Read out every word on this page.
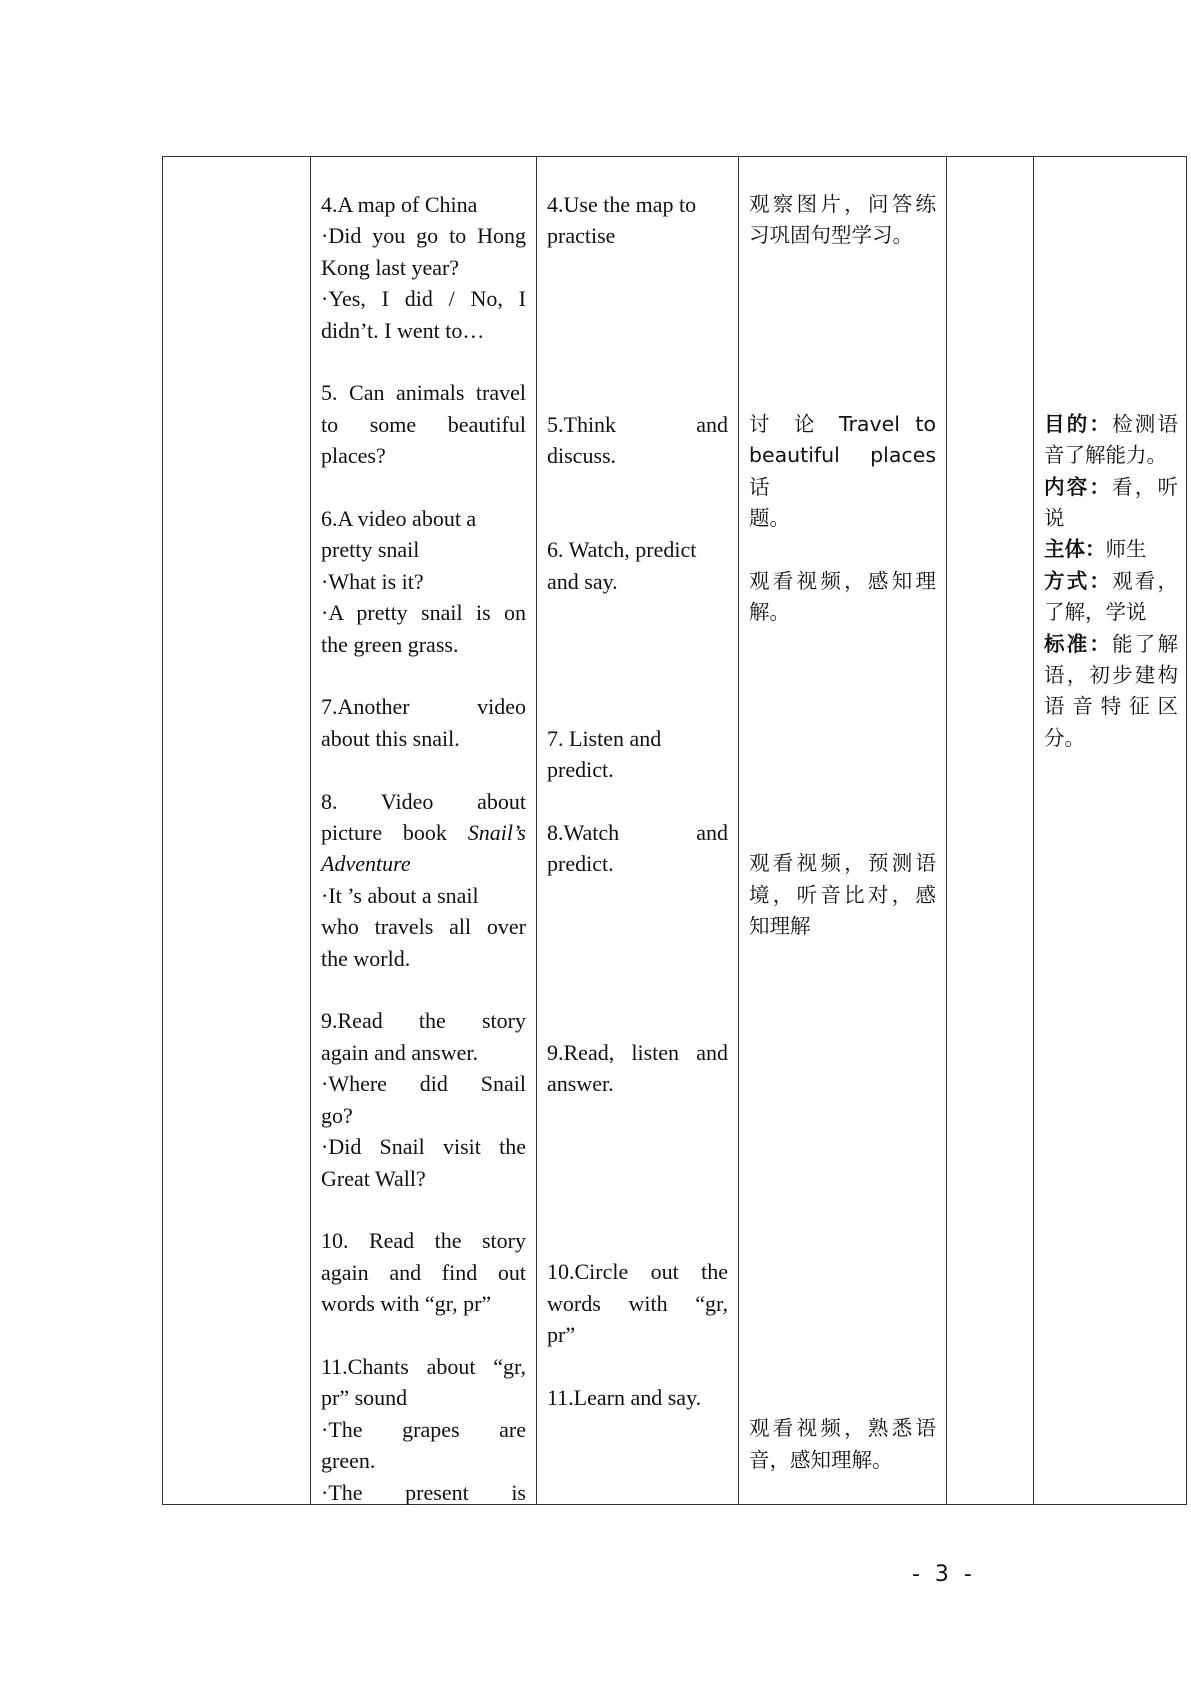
4.A map of China

·Did you go to Hong

Kong last year?

·Yes, I did / No, I

didn’t. I went to…

5. Can animals travel

to some beautiful

places?

6.A video about a

pretty snail

·What is it?

·A pretty snail is on

the green grass.

7.Another video

about this snail.

8. Video about

picture book Snail’s

Adventure

·It ’s about a snail

who travels all over

the world.

9.Read the story

again and answer.

·Where did Snail

go?

·Did Snail visit the

Great Wall?

10. Read the story

again and find out

words with “gr, pr”

11.Chants about “gr,

pr” sound

·The grapes are

green.

·The present is

4.Use the map to

practise

5.Think and

discuss.

6. Watch, predict

and say.

7. Listen and

predict.

8.Watch and

predict.

9.Read, listen and

answer.

10.Circle out the

words with “gr,

pr”

11.Learn and say.

观察图片，问答练

习巩固句型学习。

讨 论 Travel to

beautiful places 话

题。

观看视频，感知理

解。

观看视频，预测语

境，听音比对，感

知理解

观看视频，熟悉语

音，感知理解。

目的：检测语

音了解能力。

内容：看，听

说

主体：师生

方式：观看，

了解，学说

标准：能了解

语，初步建构

语 音 特 征 区

分。

- 3 -
